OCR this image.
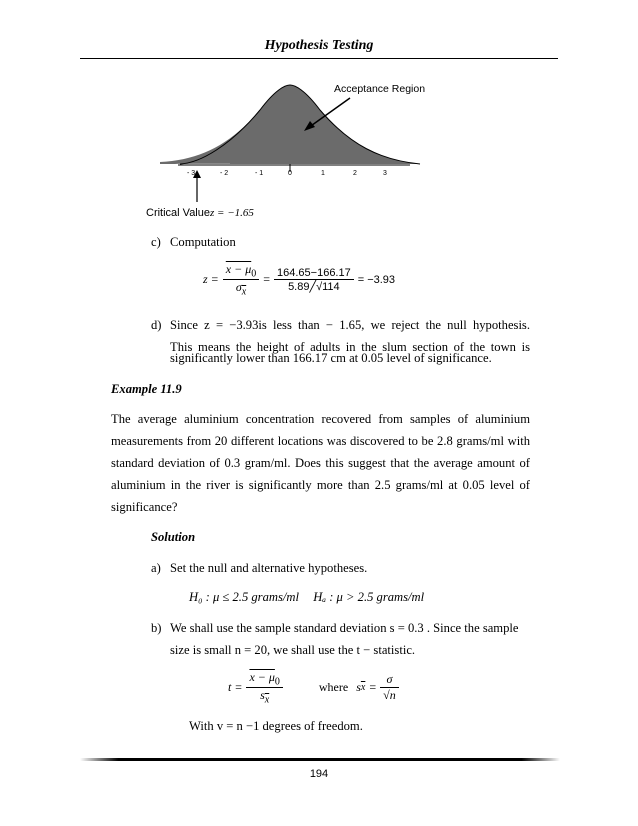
Hypothesis Testing
- 3	- 2	- 1	0	1	2	3
Acceptance Region
Critical Valuez = −1.65
c) Computation
$z = \frac{x - \mu_0}{\sigma_{\overline{x}}} = \frac{164.65-166.17}{5.89╱√114} = -3.93$
d) Since z = −3.93is less than − 1.65, we reject the null hypothesis.
This means the height of adults in the slum section of the town is
significantly lower than 166.17 cm at 0.05 level of significance.
Example 11.9
The average aluminium concentration recovered from samples of aluminium
measurements from 20 different locations was discovered to be 2.8 grams/ml with
standard deviation of 0.3 gram/ml. Does this suggest that the average amount of
aluminium in the river is significantly more than 2.5 grams/ml at 0.05 level of
significance?
Solution
a) Set the null and alternative hypotheses.
H₀ : μ ≤ 2.5 grams/ml Hₐ : μ > 2.5 grams/ml
b) We shall use the sample standard deviation s = 0.3 . Since the sample
size is small n = 20, we shall use the t − statistic.
$t = \frac{x - \mu_0}{s_{\overline{x}}}$	where s $\overline{x} = \frac{\sigma}{√n}$
With v = n −1 degrees of freedom.
194
